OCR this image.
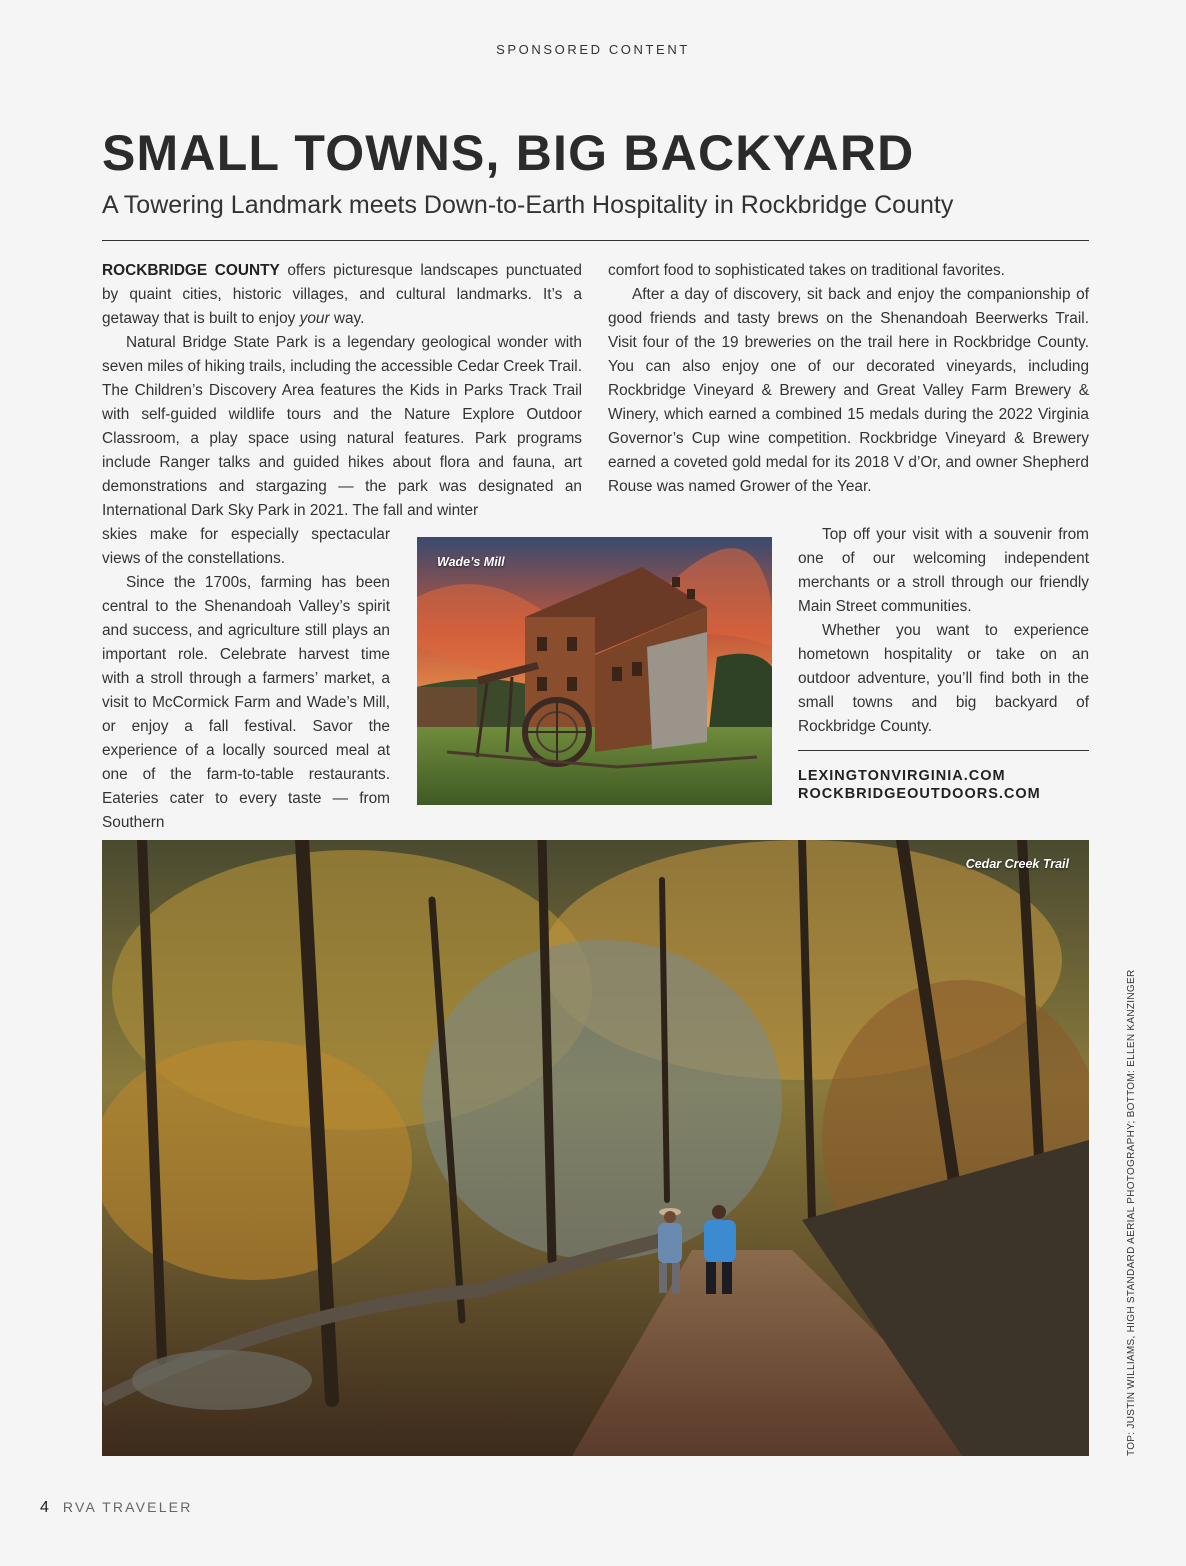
SPONSORED CONTENT
SMALL TOWNS, BIG BACKYARD
A Towering Landmark meets Down-to-Earth Hospitality in Rockbridge County

ROCKBRIDGE COUNTY offers picturesque landscapes punctuated by quaint cities, historic villages, and cultural landmarks. It’s a getaway that is built to enjoy your way.

Natural Bridge State Park is a legendary geological wonder with seven miles of hiking trails, including the accessible Cedar Creek Trail. The Children’s Discovery Area features the Kids in Parks Track Trail with self-guided wildlife tours and the Nature Explore Outdoor Classroom, a play space using natural features. Park programs include Ranger talks and guided hikes about flora and fauna, art demonstrations and stargazing — the park was designated an International Dark Sky Park in 2021. The fall and winter

skies make for especially spectacular views of the constellations.

Since the 1700s, farming has been central to the Shenandoah Valley’s spirit and success, and agriculture still plays an important role. Celebrate harvest time with a stroll through a farmers’ market, a visit to McCormick Farm and Wade’s Mill, or enjoy a fall festival. Savor the experience of a locally sourced meal at one of the farm-to-table restaurants. Eateries cater to every taste — from Southern

comfort food to sophisticated takes on traditional favorites.

After a day of discovery, sit back and enjoy the companionship of good friends and tasty brews on the Shenandoah Beerwerks Trail. Visit four of the 19 breweries on the trail here in Rockbridge County. You can also enjoy one of our decorated vineyards, including Rockbridge Vineyard & Brewery and Great Valley Farm Brewery & Winery, which earned a combined 15 medals during the 2022 Virginia Governor’s Cup wine competition. Rockbridge Vineyard & Brewery earned a coveted gold medal for its 2018 V d’Or, and owner Shepherd Rouse was named Grower of the Year.

Top off your visit with a souvenir from one of our welcoming independent merchants or a stroll through our friendly Main Street communities.

Whether you want to experience hometown hospitality or take on an outdoor adventure, you’ll find both in the small towns and big backyard of Rockbridge County.

LEXINGTONVIRGINIA.COM
ROCKBRIDGEOUTDOORS.COM
Wade’s Mill
Cedar Creek Trail
TOP: JUSTIN WILLIAMS, HIGH STANDARD AERIAL PHOTOGRAPHY; BOTTOM: ELLEN KANZINGER
4 RVA TRAVELER
